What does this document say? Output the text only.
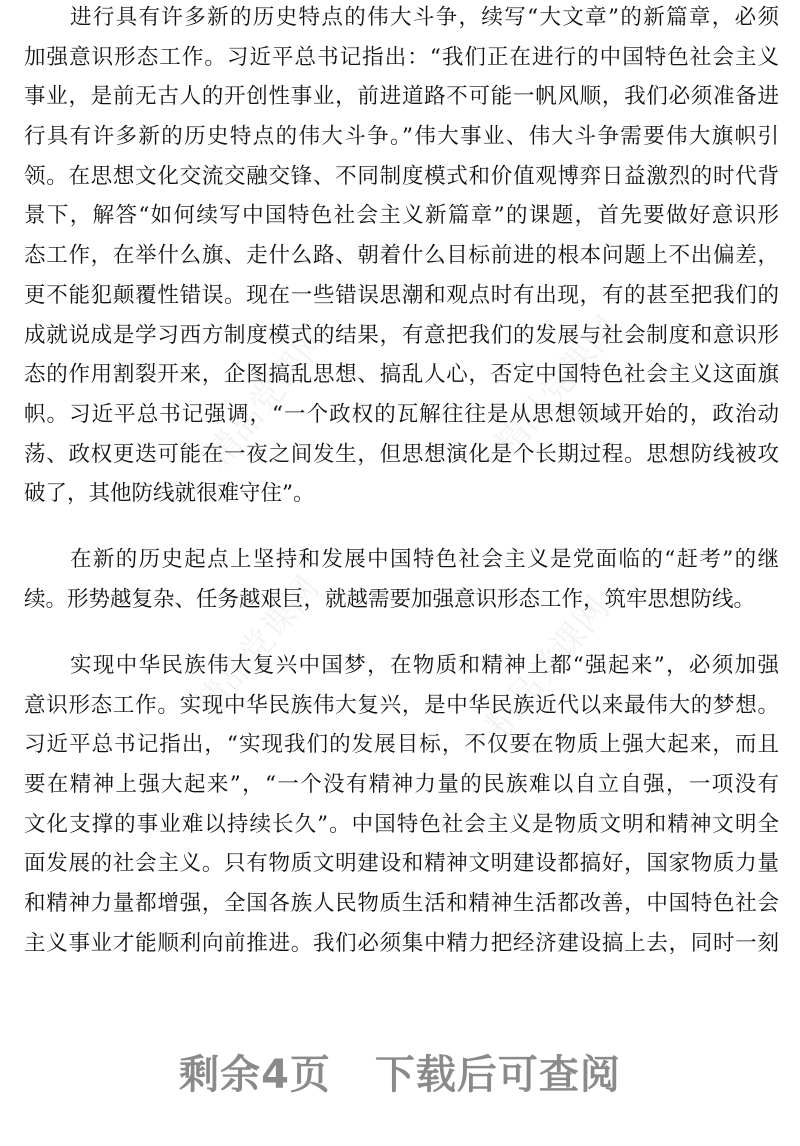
精品党课网	精品党课网
精品党课网	精品党课网
进行具有许多新的历史特点的伟大斗争，续写“大文章”的新篇章，必须
加强意识形态工作。习近平总书记指出：“我们正在进行的中国特色社会主义
事业，是前无古人的开创性事业，前进道路不可能一帆风顺，我们必须准备进
行具有许多新的历史特点的伟大斗争。”伟大事业、伟大斗争需要伟大旗帜引
领。在思想文化交流交融交锋、不同制度模式和价值观博弈日益激烈的时代背
景下，解答“如何续写中国特色社会主义新篇章”的课题，首先要做好意识形
态工作，在举什么旗、走什么路、朝着什么目标前进的根本问题上不出偏差，
更不能犯颠覆性错误。现在一些错误思潮和观点时有出现，有的甚至把我们的
成就说成是学习西方制度模式的结果，有意把我们的发展与社会制度和意识形
态的作用割裂开来，企图搞乱思想、搞乱人心，否定中国特色社会主义这面旗
帜。习近平总书记强调，“一个政权的瓦解往往是从思想领域开始的，政治动
荡、政权更迭可能在一夜之间发生，但思想演化是个长期过程。思想防线被攻
破了，其他防线就很难守住”。
在新的历史起点上坚持和发展中国特色社会主义是党面临的“赶考”的继
续。形势越复杂、任务越艰巨，就越需要加强意识形态工作，筑牢思想防线。
实现中华民族伟大复兴中国梦，在物质和精神上都“强起来”，必须加强
意识形态工作。实现中华民族伟大复兴，是中华民族近代以来最伟大的梦想。
习近平总书记指出，“实现我们的发展目标，不仅要在物质上强大起来，而且
要在精神上强大起来”，“一个没有精神力量的民族难以自立自强，一项没有
文化支撑的事业难以持续长久”。中国特色社会主义是物质文明和精神文明全
面发展的社会主义。只有物质文明建设和精神文明建设都搞好，国家物质力量
和精神力量都增强，全国各族人民物质生活和精神生活都改善，中国特色社会
主义事业才能顺利向前推进。我们必须集中精力把经济建设搞上去，同时一刻
剩余4页 下载后可查阅
